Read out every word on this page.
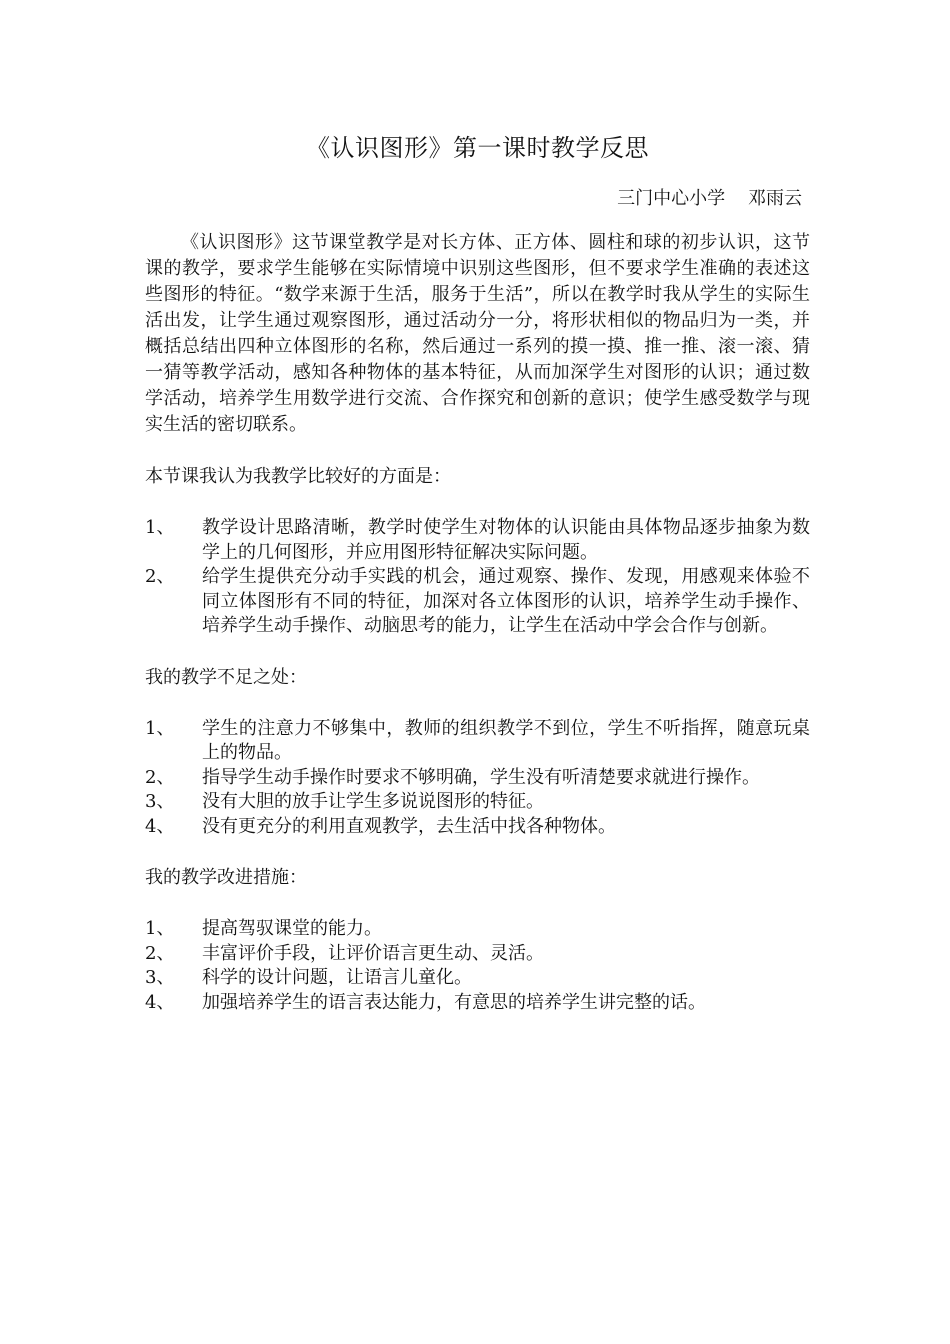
《认识图形》第一课时教学反思

三门中心小学    邓雨云

《认识图形》这节课堂教学是对长方体、正方体、圆柱和球的初步认识，这节课的教学，要求学生能够在实际情境中识别这些图形，但不要求学生准确的表述这些图形的特征。“数学来源于生活，服务于生活”，所以在教学时我从学生的实际生活出发，让学生通过观察图形，通过活动分一分，将形状相似的物品归为一类，并概括总结出四种立体图形的名称，然后通过一系列的摸一摸、推一推、滚一滚、猜一猜等教学活动，感知各种物体的基本特征，从而加深学生对图形的认识；通过数学活动，培养学生用数学进行交流、合作探究和创新的意识；使学生感受数学与现实生活的密切联系。

本节课我认为我教学比较好的方面是：

1、 教学设计思路清晰，教学时使学生对物体的认识能由具体物品逐步抽象为数学上的几何图形，并应用图形特征解决实际问题。
2、 给学生提供充分动手实践的机会，通过观察、操作、发现，用感观来体验不同立体图形有不同的特征，加深对各立体图形的认识，培养学生动手操作、培养学生动手操作、动脑思考的能力，让学生在活动中学会合作与创新。

我的教学不足之处：

1、 学生的注意力不够集中，教师的组织教学不到位，学生不听指挥，随意玩桌上的物品。
2、 指导学生动手操作时要求不够明确，学生没有听清楚要求就进行操作。
3、 没有大胆的放手让学生多说说图形的特征。
4、 没有更充分的利用直观教学，去生活中找各种物体。

我的教学改进措施：

1、 提高驾驭课堂的能力。
2、 丰富评价手段，让评价语言更生动、灵活。
3、 科学的设计问题，让语言儿童化。
4、 加强培养学生的语言表达能力，有意思的培养学生讲完整的话。
